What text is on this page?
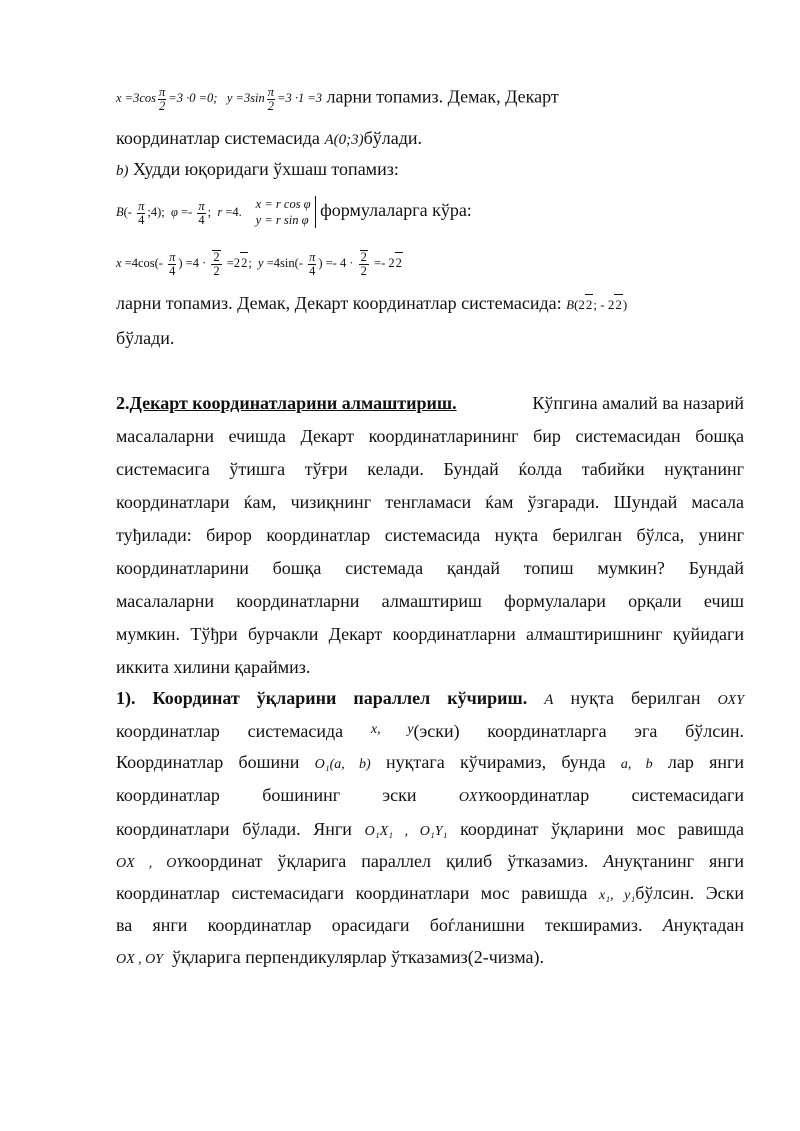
$x =3\cos \frac{\pi}{2} =3 \cdot 0 =0$;   $y =3\sin \frac{\pi}{2} =3 \cdot 1 =3$ ларни топамиз. Демак, Декарт
координатлар системасида A(0;3)бўлади.
b) Худди юқоридаги ўхшаш топамиз:
$B(- \frac{\pi}{4}$ ;4);  $\varphi =- \frac{\pi}{4}$ ;  r =4.
x = r cos φ
y = r sin φ формулаларга кўра:
$x =4\cos(- \frac{\pi}{4}$ ) $=4 \cdot \frac{2}{2} =22$;  $y =4\sin(- \frac{\pi}{4}$ ) =- $4 \cdot \frac{2}{2} =- 22$
ларни топамиз. Демак, Декарт координатлар системасида: B(22; - 22)
бўлади.
2.Декарт координатларини алмаштириш.	Кўпгина амалий ва назарий
масалаларни ечишда Декарт координатларининг бир системасидан бошқа
системасига ўтишга тўғри келади. Бундай ќолда табийки нуқтанинг
координатлари ќам, чизиқнинг тенгламаси ќам ўзгаради. Шундай масала
туђилади: бирор координатлар системасида нуқта берилган бўлса, унинг
координатларини бошқа системада қандай топиш мумкин? Бундай
масалаларни координатларни алмаштириш формулалари орқали ечиш
мумкин. Тўђри бурчакли Декарт координатларни алмаштиришнинг қуйидаги
иккита хилини қараймиз.
1). Координат ўқларини параллел кўчириш. A нуқта берилган OXY
координатлар системасида $^{x, y}$(эски) координатларга эга бўлсин.
Координатлар бошини O₁(a, b) нуқтага кўчирамиз, бунда a, b лар янги
координатлар бошининг эски	OXYкоординатлар системасидаги
координатлари бўлади. Янги O₁X₁ , O₁Y₁ координат ўқларини мос равишда
OX , OYкоординат ўқларига параллел қилиб ўтказамиз. Aнуқтанинг янги
координатлар системасидаги координатлари мос равишда x₁, y₁бўлсин. Эски
ва янги координатлар орасидаги боѓланишни текширамиз. Aнуқтадан
OX , OY ўқларига перпендикулярлар ўтказамиз(2-чизма).
